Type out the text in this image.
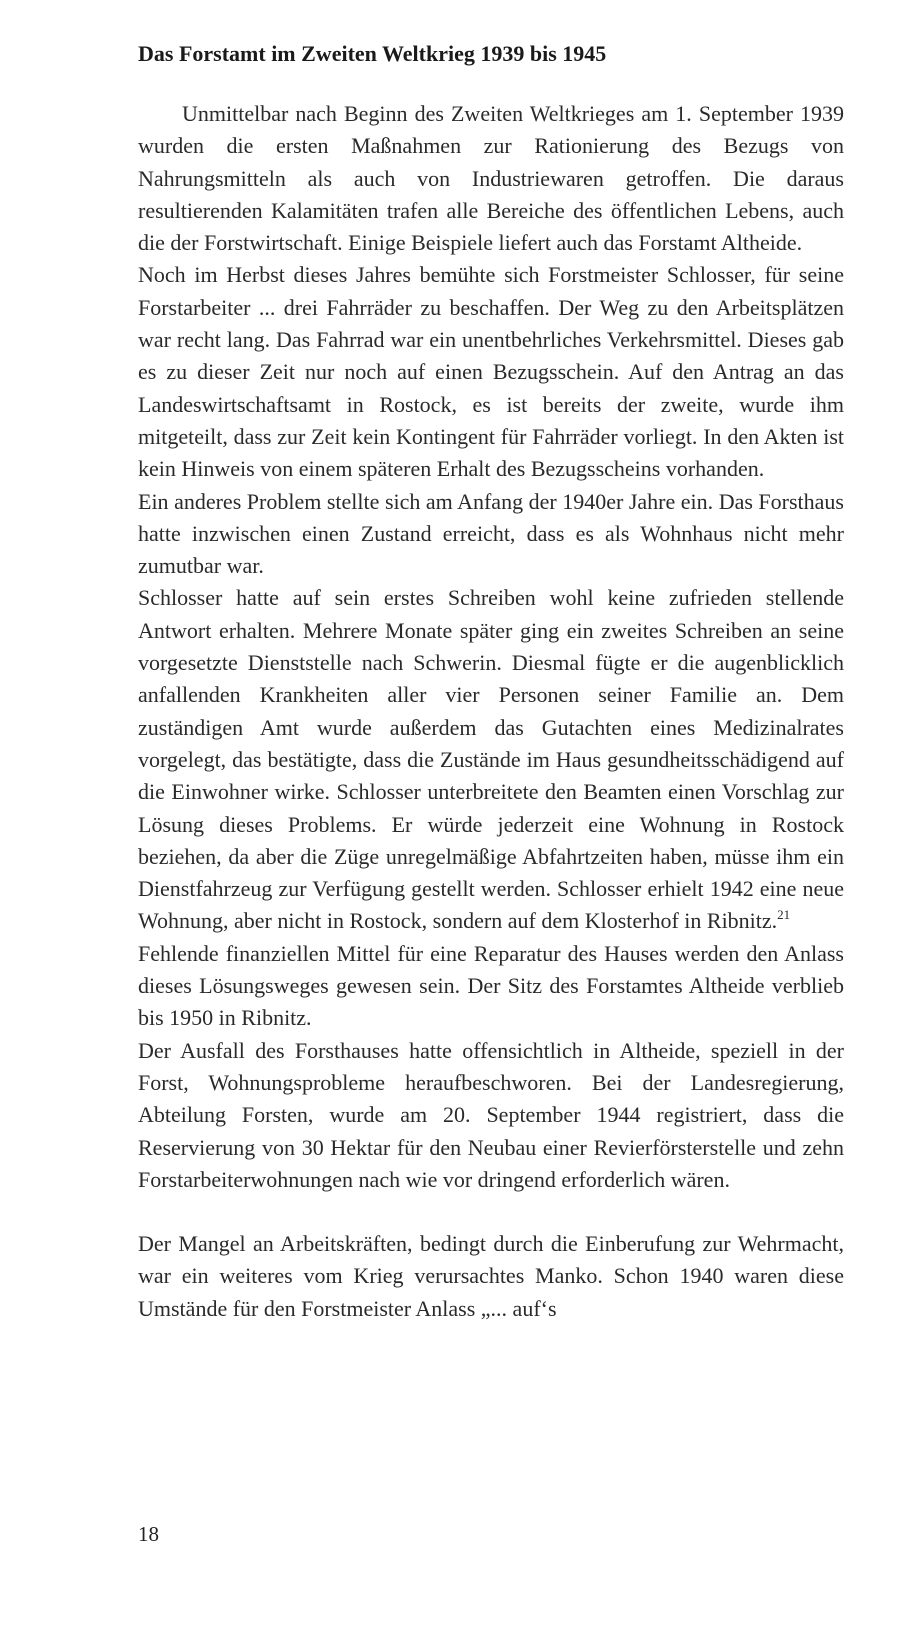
Das Forstamt im Zweiten Weltkrieg 1939 bis 1945

Unmittelbar nach Beginn des Zweiten Weltkrieges am 1. September 1939 wurden die ersten Maßnahmen zur Rationierung des Bezugs von Nahrungsmitteln als auch von Industriewaren getroffen. Die daraus resultierenden Kalamitäten trafen alle Bereiche des öffentlichen Lebens, auch die der Forstwirtschaft. Einige Beispiele liefert auch das Forstamt Altheide.

Noch im Herbst dieses Jahres bemühte sich Forstmeister Schlosser, für seine Forstarbeiter ... drei Fahrräder zu beschaffen. Der Weg zu den Arbeitsplätzen war recht lang. Das Fahrrad war ein unentbehrliches Verkehrsmittel. Dieses gab es zu dieser Zeit nur noch auf einen Bezugsschein. Auf den Antrag an das Landeswirtschaftsamt in Rostock, es ist bereits der zweite, wurde ihm mitgeteilt, dass zur Zeit kein Kontingent für Fahrräder vorliegt. In den Akten ist kein Hinweis von einem späteren Erhalt des Bezugsscheins vorhanden.

Ein anderes Problem stellte sich am Anfang der 1940er Jahre ein. Das Forsthaus hatte inzwischen einen Zustand erreicht, dass es als Wohnhaus nicht mehr zumutbar war.

Schlosser hatte auf sein erstes Schreiben wohl keine zufrieden stellende Antwort erhalten. Mehrere Monate später ging ein zweites Schreiben an seine vorgesetzte Dienststelle nach Schwerin. Diesmal fügte er die augenblicklich anfallenden Krankheiten aller vier Personen seiner Familie an. Dem zuständigen Amt wurde außerdem das Gutachten eines Medizinalrates vorgelegt, das bestätigte, dass die Zustände im Haus gesundheitsschädigend auf die Einwohner wirke. Schlosser unterbreitete den Beamten einen Vorschlag zur Lösung dieses Problems. Er würde jederzeit eine Wohnung in Rostock beziehen, da aber die Züge unregelmäßige Abfahrtzeiten haben, müsse ihm ein Dienstfahrzeug zur Verfügung gestellt werden. Schlosser erhielt 1942 eine neue Wohnung, aber nicht in Rostock, sondern auf dem Klosterhof in Ribnitz.$^{21}$

Fehlende finanziellen Mittel für eine Reparatur des Hauses werden den Anlass dieses Lösungsweges gewesen sein. Der Sitz des Forstamtes Altheide verblieb bis 1950 in Ribnitz.

Der Ausfall des Forsthauses hatte offensichtlich in Altheide, speziell in der Forst, Wohnungsprobleme heraufbeschworen. Bei der Landesregierung, Abteilung Forsten, wurde am 20. September 1944 registriert, dass die Reservierung von 30 Hektar für den Neubau einer Revierförsterstelle und zehn Forstarbeiterwohnungen nach wie vor dringend erforderlich wären.

Der Mangel an Arbeitskräften, bedingt durch die Einberufung zur Wehrmacht, war ein weiteres vom Krieg verursachtes Manko. Schon 1940 waren diese Umstände für den Forstmeister Anlass „... auf‘s

18
